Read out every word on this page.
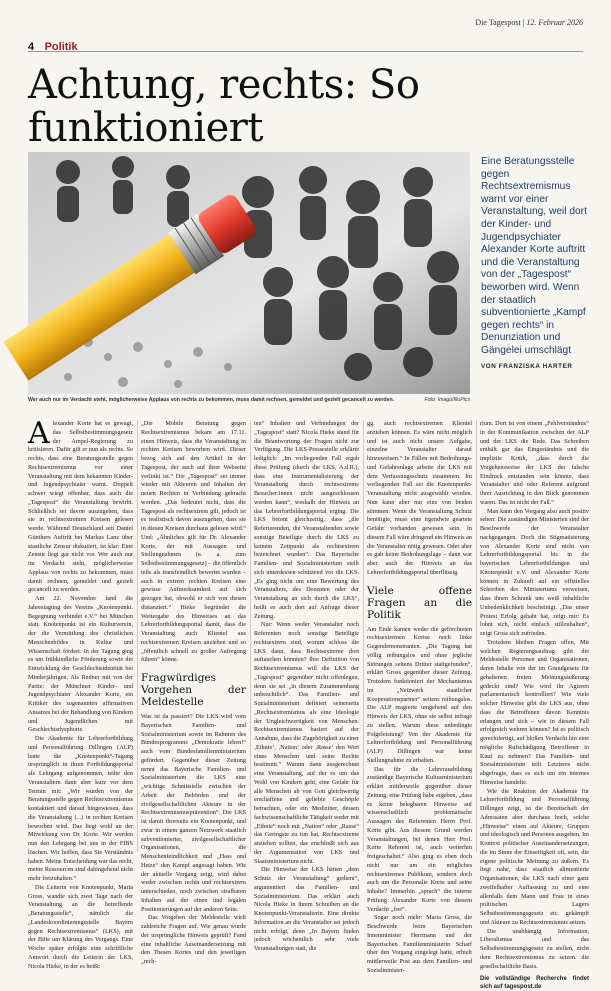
Die Tagespost | 12. Februar 2026
4 Politik
Achtung, rechts: So funktioniert

Wer auch nur im Verdacht steht, möglicherweise Applaus von rechts zu bekommen, muss damit rechnen, gemeldet und gezielt gecancelt zu werden.	Foto: Imago/IlluPics
Eine Beratungsstelle gegen Rechtsextremismus warnt vor einer Veranstaltung, weil dort der Kinder- und Jugendpsychiater Alexander Korte auftritt und die Veranstaltung von der „Tagespost“ beworben wird. Wenn der staatlich subventionierte „Kampf gegen rechts“ in Denunziation und Gängelei umschlägt
VON FRANZISKA HARTER

Alexander Korte hat es gewagt, das Selbstbestimmungsgesetz der Ampel-Regierung zu kritisieren. Dafür gilt er nun als rechts. So rechts, dass eine Beratungsstelle gegen Rechtsextremismus vor einer Veranstaltung mit dem bekannten Kinder- und Jugendpsychiater warnt. Doppelt schwer wiegt offenbar, dass auch die „Tagespost“ die Veranstaltung bewirbt. Schließlich sei davon auszugehen, dass sie in rechtsextremen Kreisen gelesen werde. Während Deutschland seit Daniel Günthers Auftritt bei Markus Lanz über staatliche Zensur diskutiert, ist klar: Eine Zensur liegt gar nicht vor. Wer auch nur im Verdacht steht, möglicherweise Applaus von rechts zu bekommen, muss damit rechnen, gemeldet und gezielt gecancelt zu werden.

Am 22. November fand die Jahrestagung des Vereins „Knotenpunkt. Begegnung verbindet e.V.“ bei München statt. Knotenpunkt ist ein Kulturverein, der die Vermittlung des christlichen Menschenbildes in Kultur und Wissenschaft fördert. In der Tagung ging es um frühkindliche Förderung sowie die Entwicklung der Geschlechtsidentität bei Minderjährigen. Als Redner mit von der Partie: der Münchner Kinder- und Jugendpsychiater Alexander Korte, ein Kritiker des sogenannten affirmativen Ansatzes bei der Behandlung von Kindern und Jugendlichen mit Geschlechtsdysphorie.

Die Akademie für Lehrerfortbildung und Personalführung Dillingen (ALP) hatte die „Knotenpunkt“-Tagung ursprünglich in ihren Fortbildungsportal als Lehrgang aufgenommen, teilte den Veranstaltern dann aber kurz vor dem Termin mit: „Wir wurden von der Beratungsstelle gegen Rechtsextremismus kontaktiert und darauf hingewiesen, dass die Veranstaltung (...) in rechten Kreisen beworben wird. Das liegt wohl an der Mitwirkung von Dr. Korte. Wir werden nun den Lehrgang bei uns in der FIBS löschen. Wir hoffen, dass Sie Verständnis haben. Meine Entscheidung war das nicht, meine Ressourcen sind dahingehend nicht mehr freizuhalten.“

Die Leiterin von Knotenpunkt, Maria Gross, wandte sich zwei Tage nach der Veranstaltung an die betreffende „Beratungsstelle“, nämlich die „Landeskoordinierungsstelle Bayern gegen Rechtsextremismus“ (LKS), mit der Bitte um Klärung des Vorgangs. Eine Woche später erfolgte eine schriftliche Antwort durch die Leiterin der LKS, Nicola Hieke, in der es heißt:

„Die Mobile Beratung gegen Rechtsextremismus bekam am 17.11. einen Hinweis, dass die Veranstaltung in rechten Kreisen beworben wird. Dieser bezog sich auf den Artikel in der Tagespost, der auch auf ihrer Webseite verlinkt ist.“ Die „Tagespost“ sei immer wieder mit Akteuren und Inhalten der neuen Rechten in Verbindung gebracht worden. „Das bedeutet nicht, dass die Tagespost als rechtsextrem gilt, jedoch ist es realistisch davon auszugehen, dass sie in diesen Kreisen durchaus gelesen wird.“ Und: „Ähnliches gilt für Dr. Alexander Korte, der mit Aussagen und Stellungnahmen (u. a. zum Selbstbestimmungsgesetz) – die öffentlich teils als transfeindlich bewertet wurden – auch in extrem rechten Kreisen eine gewisse Aufmerksamkeit auf sich gezogen hat, obwohl er sich von diesen distanziert.“ Hieke begründet die Weitergabe des Hinweises an das Lehrerfortbildungsportal damit, dass die Veranstaltung auch Klientel aus rechtsextremen Kreisen anziehen und so „öffentlich schnell zu großer Aufregung führen“ könne.

Fragwürdiges Vorgehen der Meldestelle

Was ist da passiert? Die LKS wird vom Bayerischen Familien- und Sozialministerium sowie im Rahmen des Bundesprogramms „Demokratie leben!“ auch vom Bundesfamilienministerium gefördert. Gegenüber dieser Zeitung nennt das Bayerische Familien- und Sozialministerium die LKS eine „wichtige Schnittstelle zwischen der Arbeit der Behörden und der zivilgesellschaftlichen Akteure in der Rechtsextremismusprävention“. Die LKS ist damit ihrerseits ein Knotenpunkt, und zwar in einem ganzen Netzwerk staatlich subventionierter, zivilgesellschaftlicher Organisationen, die Menschenfeindlichkeit und „Hass und Hetze“ den Kampf angesagt haben. Wie der aktuelle Vorgang zeigt, wird dabei weder zwischen rechts und rechtsextrem unterschieden, noch zwischen strafbaren Inhalten auf der einen und legalen Positionierungen auf der anderen Seite.

Das Vorgehen der Meldestelle wirft zahlreiche Fragen auf. Wie genau wurde der ursprüngliche Hinweis geprüft? Fand eine inhaltliche Auseinandersetzung mit den Thesen Kortes und den jeweiligen „rech-

ten“ Inhalten und Verbindungen der „Tagespost“ statt? Nicola Hieke stand für die Beantwortung der Fragen nicht zur Verfügung. Die LKS-Pressestelle erklärte lediglich: „Im vorliegenden Fall ergab diese Prüfung (durch die LKS, A.d.R.), dass eine Instrumentalisierung der Veranstaltung durch rechtsextreme Besucher:innen nicht ausgeschlossen werden kann“, weshalb der Hinweis an das Lehrerfortbildungsportal erging. Die LKS betont gleichzeitig, dass „die Referierenden, die Veranstaltenden sowie sonstige Beteiligte durch die LKS zu keinem Zeitpunkt als rechtsextrem bezeichnet wurden“. Das Bayerische Familien- und Sozialministerium stellt sich unterdessen schützend vor die LKS. „Es ging nicht um eine Bewertung des Veranstalters, des Dozenten oder der Veranstaltung an sich durch die LKS“, heißt es auch dort auf Anfrage dieser Zeitung.

Nur: Wenn weder Veranstalter noch Referenten noch sonstige Beteiligte rechtsextrem sind, worum schloss die LKS dann, dass Rechtsextreme dort auftauchen könnten? Ihre Definition von Rechtsextremismus will die LKS der „Tagespost“ gegenüber nicht offenlegen, denn sie sei „in diesem Zusammenhang unbeachtlich“. Das Familien- und Sozialministerium definiert seinerseits „Rechtsextremismus als eine Ideologie der Ungleichwertigkeit von Menschen. Rechtsextremismus basiert auf der Annahme, dass die Zugehörigkeit zu einer ‚Ethnie‘, ‚Nation‘ oder ‚Rasse‘ den Wert eines Menschen und seine Rechte bestimmt.“ Warum dann ausgerechnet eine Veranstaltung, auf der es um das Wohl von Kindern geht, eine Gefahr für alle Menschen ab von Gott gleichwertig erschaffene und geliebte Geschöpfe betrachten, oder ein Mediziner, dessen fachwissenschaftliche Tätigkeit weder mit „Ethnie“ noch mit „Nation“ oder „Rasse“ das Geringste zu tun hat, Rechtsextreme anziehen sollten, das erschließt sich aus der Argumentation von LKS und Staatsministerium nicht.

Die Hinweise der LKS hätten „dem Schutz der Veranstaltung“ gedient“, argumentiert das Familien- und Sozialministerium. Das erklärt auch Nicola Hieke in ihrem Schreiben an die Knotenpunkt-Veranstalterin. Eine direkte Information an die Veranstalter sei jedoch nicht erfolgt, denn „In Bayern finden jedoch wöchentlich sehr viele Veranstaltungen statt, die

gg. auch rechtsextremen Klientel anziehen können. Es wäre nicht möglich und ist auch nicht unsere Aufgabe, einzelne Veranstalter darauf hinzuweisen.“ In Fällen mit Bedrohungs- und Gefahrenlage arbeite die LKS mit dem Verfassungsschutz zusammen. Im vorliegenden Fall sei die Knotenpunkt-Veranstaltung nicht ausgewählt worden. Nun kann aber nur eins von beiden stimmen: Wenn die Veranstaltung Schutz benötigte, muss eine irgendwie geartete Gefahr vorhanden gewesen sein. In diesem Fall wäre dringend ein Hinweis an die Veranstalter nötig gewesen. Oder aber es gab keine Bedrohungslage – dann war aber auch der Hinweis an das Lehrerfortbildungsportal überflüssig.

Viele offene Fragen an die Politik

Am Ende kamen weder die geförchteten rechtsextremen Kreise noch linke Gegendemonstranten. „Die Tagung hat völlig reibungslos und ohne jegliche Störungen seitens Dritter stattgefunden“, erklärt Gross gegenüber dieser Zeitung. Trotzdem funktioniert der Mechanismus im „Netzwerk staatlicher Kooperationspartner“ seitens reibungslos. Die ALP reagierte umgehend auf den Hinweis der LKS, ohne sie selbst infrage zu stellen. Warum diese unbedingte Folgeleistung? Von der Akademie für Lehrerfortbildung und Personalführung (ALP) Dillingen war keine Stellungnahme zu erhalten.

Das für die Lehrerausbildung zuständige Bayerische Kultusministerium erklärt mittlerweile gegenüber dieser Zeitung, eine Prüfung habe ergeben, „dass es keine belegbaren Hinweise auf wissenschaftlich problematische Aussagen des Referenten Herrn Prof. Korte gibt. Aus diesem Grund werden Veranstaltungen, bei denen Herr Prof. Korte Referent ist, auch weiterhin freigeschaltet.“ Also ging es eben doch nicht nur um ein mögliches rechtsextremes Publikum, sondern doch auch um die Personalie Korte und seine Inhalte? Immerhin „sprach“ die interne Prüfung Alexander Korte von diesem Verdacht „frei“.

Sogar noch mehr: Maria Gross, die Beschwerde beim Bayerischen Innenminister Herrmann und der Bayerischen Familienministerin Scharf über den Vorgang eingelegt hatte, erhielt mittlerweile Post aus dem Familien- und Sozialminister-

rium. Dort ist von einem „Fehlverständnis“ in der Kommunikation zwischen der ALP und der LKS die Rede. Das Schreiben enthält gar das Eingeständnis und die implizite Kritik, „dass durch die Vorgehensweise der LKS der falsche Eindruck entstanden sein könnte, dass Veranstalter und oder Referent aufgrund ihrer Ausrichtung in den Blick genommen waren. Das ist nicht der Fall.“

Man kann den Vorgang also auch positiv sehen: Die zuständigen Ministerien sind der Beschwerde der Veranstalter nachgegangen. Doch die Stigmatisierung von Alexander Korte sind nicht von Lehrerfortbildungsportal bis in die bayerischen Lehrerfortbildungen und Knotenpunkt e.V. und Alexander Korte können in Zukunft auf ein offizielles Schreiben des Ministeriums verweisen, dass ihnen Schrank uns weiß inhaltliche Unbedenklichkeit bescheinigt. „Das unser Protest Erfolg gehabt hat, zeigt mir: Es lohnt sich, nicht einfach stillzuhalten“, zeigt Gross sich zufrieden.

Trotzdem bleiben Fragen offen. Mit welchen Regierungsauftrag gibt die Meldestelle Personen und Organisationen, deren Inhalte von der im Grundgesetz für gehaltenen freien Meinungsäußerung gedeckt sind? Wie wird ihr Agieren parlamentarisch kontrolliert? Wie viele solcher Hinweise gibt die LKS aus, ohne dass die Betroffenen davon Kenntnis erlangen und sich – wie in diesem Fall erfolgreich wehren können? Ist es politisch gerechtfertigt, auf bloßen Verdacht hin eine mögliche Rufschädigung Betroffener in Kauf zu nehmen? Das Familien- und Sozialministerium teilt Letzteres nicht abgefragte, dass es sich um ein internes Hinweise handelte.

Wie die Reaktion der Akademie für Lehrerfortbildung und Personalführung Dillingen zeigt, ist die Bereitschaft der Adressaten aber durchaus hoch, solche „Hinweise“ einen auf Akteure, Gruppen und ideologisch und Personen ausgehen. Im Kontext politischer Auseinandersetzungen, die im Sinne der Einseitigkeit oft, sein, die eigene politische Meinung zu äußern. Es liegt nahe, dass staatlich alimentierte Organisationen, die LKS nach einer ganz zweifelhafter Auffassung zu und eine allenfalls dem Mann und Frau in eines politischen Lagers Selbstbestimmungsgesetz etc. gekämpft und Akteure zu Rechtsextremismus setzen.

Die unabhängig Information, Liberalismus und das Selbstbestimmungsgesetz zu stellen, nicht dem Rechtsextremismus zu setzen. die gesellschaftliche Basis.

Die vollständige Recherche findet sich auf tagespost.de
